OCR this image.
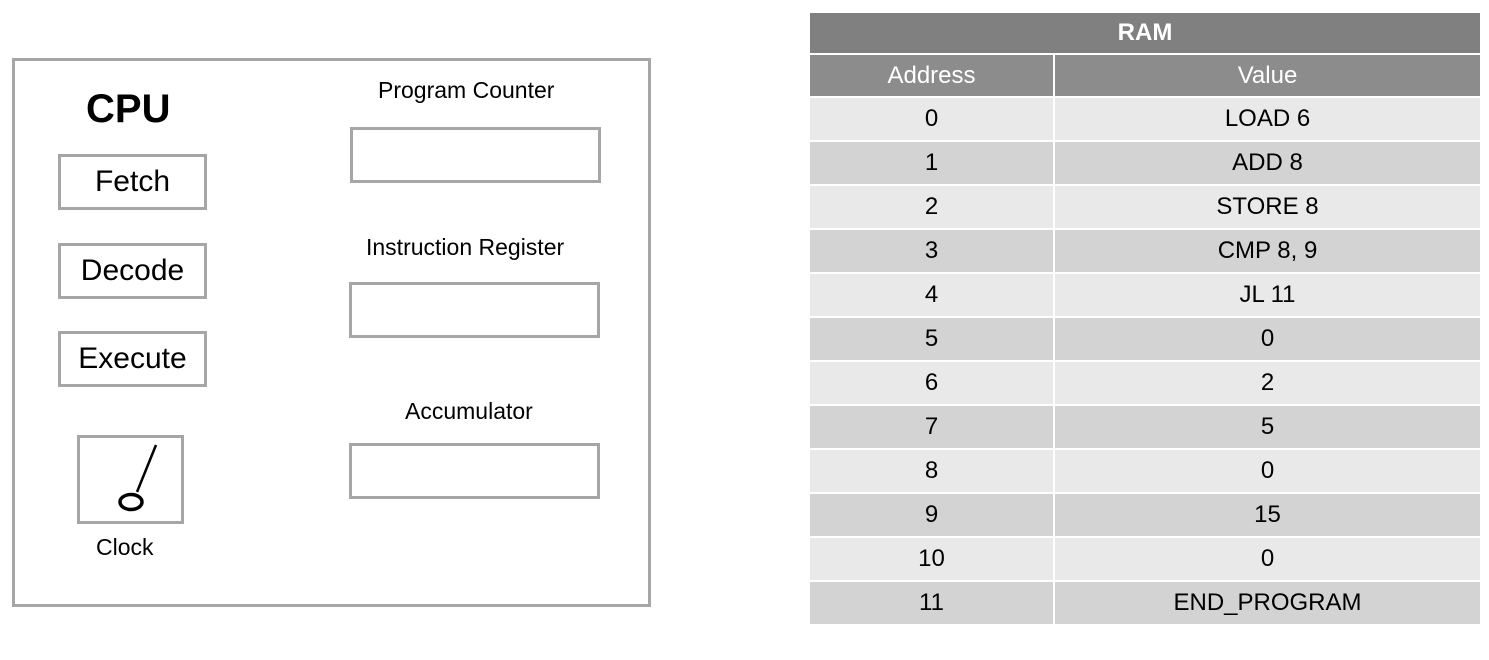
CPU
Fetch
Decode
Execute
Clock
Program Counter
Instruction Register
Accumulator
RAM	
Address	Value
0	LOAD 6
1	ADD 8
2	STORE 8
3	CMP 8, 9
4	JL 11
5	0
6	2
7	5
8	0
9	15
10	0
11	END_PROGRAM
